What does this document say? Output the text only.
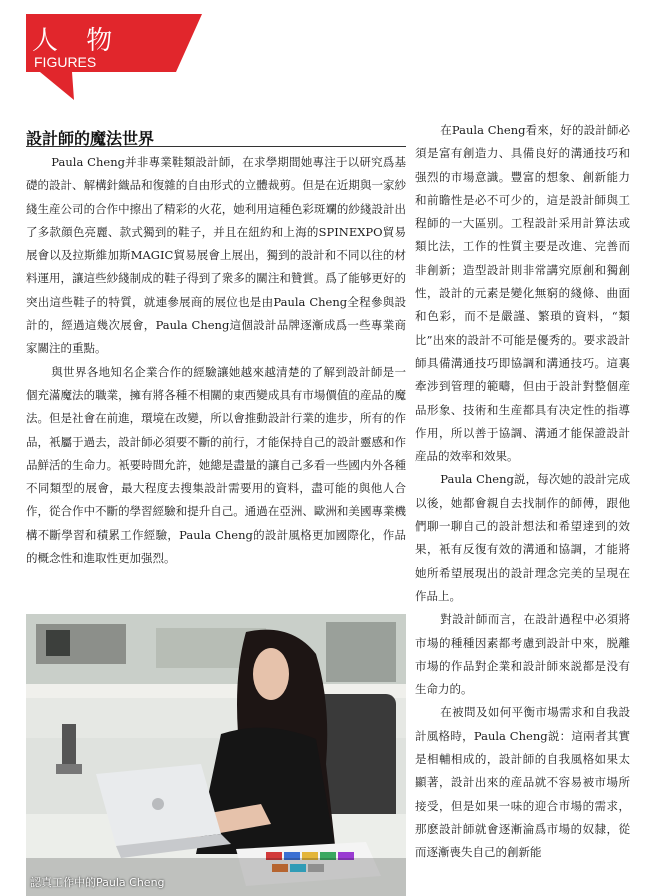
人 物
FIGURES
設計師的魔法世界

Paula Cheng并非專業鞋類設計師，在求學期間她專注于以研究爲基礎的設計、解構針織品和復雜的自由形式的立體裁剪。但是在近期與一家紗綫生産公司的合作中擦出了精彩的火花，她利用這種色彩斑斕的紗綫設計出了多款顔色亮麗、款式獨到的鞋子，并且在紐約和上海的SPINEXPO貿易展會以及拉斯維加斯MAGIC貿易展會上展出，獨到的設計和不同以往的材料運用，讓這些紗綫制成的鞋子得到了衆多的關注和贊賞。爲了能够更好的突出這些鞋子的特質，就連參展商的展位也是由Paula Cheng全程參與設計的，經過這幾次展會，Paula Cheng這個設計品牌逐漸成爲一些專業商家關注的重點。

與世界各地知名企業合作的經驗讓她越來越清楚的了解到設計師是一個充滿魔法的職業，擁有將各種不相關的東西變成具有市場價值的産品的魔法。但是社會在前進，環境在改變，所以會推動設計行業的進步，所有的作品，衹屬于過去，設計師必須要不斷的前行，才能保持自己的設計靈感和作品鮮活的生命力。衹要時間允許，她總是盡量的讓自己多看一些國内外各種不同類型的展會，最大程度去搜集設計需要用的資料，盡可能的與他人合作，從合作中不斷的學習經驗和提升自己。通過在亞洲、歐洲和美國專業機構不斷學習和積累工作經驗，Paula Cheng的設計風格更加國際化，作品的概念性和進取性更加强烈。

認真工作中的Paula Cheng

在Paula Cheng看來，好的設計師必須是富有創造力、具備良好的溝通技巧和强烈的市場意識。豐富的想象、創新能力和前瞻性是必不可少的，這是設計師與工程師的一大區别。工程設計采用計算法或類比法，工作的性質主要是改進、完善而非創新；造型設計則非常講究原創和獨創性，設計的元素是變化無窮的綫條、曲面和色彩，而不是嚴謹、繁瑣的資料，“類比”出來的設計不可能是優秀的。要求設計師具備溝通技巧即協調和溝通技巧。這裏牽涉到管理的範疇，但由于設計對整個産品形象、技術和生産都具有决定性的指導作用，所以善于協調、溝通才能保證設計産品的效率和效果。

Paula Cheng説，每次她的設計完成以後，她都會親自去找制作的師傅，跟他們聊一聊自己的設計想法和希望達到的效果，衹有反復有效的溝通和協調，才能將她所希望展現出的設計理念完美的呈現在作品上。

對設計師而言，在設計過程中必須將市場的種種因素都考慮到設計中來，脱離市場的作品對企業和設計師來説都是没有生命力的。

在被問及如何平衡市場需求和自我設計風格時，Paula Cheng説：這兩者其實是相輔相成的，設計師的自我風格如果太顯著，設計出來的産品就不容易被市場所接受，但是如果一味的迎合市場的需求，那麽設計師就會逐漸淪爲市場的奴隸，從而逐漸喪失自己的創新能
